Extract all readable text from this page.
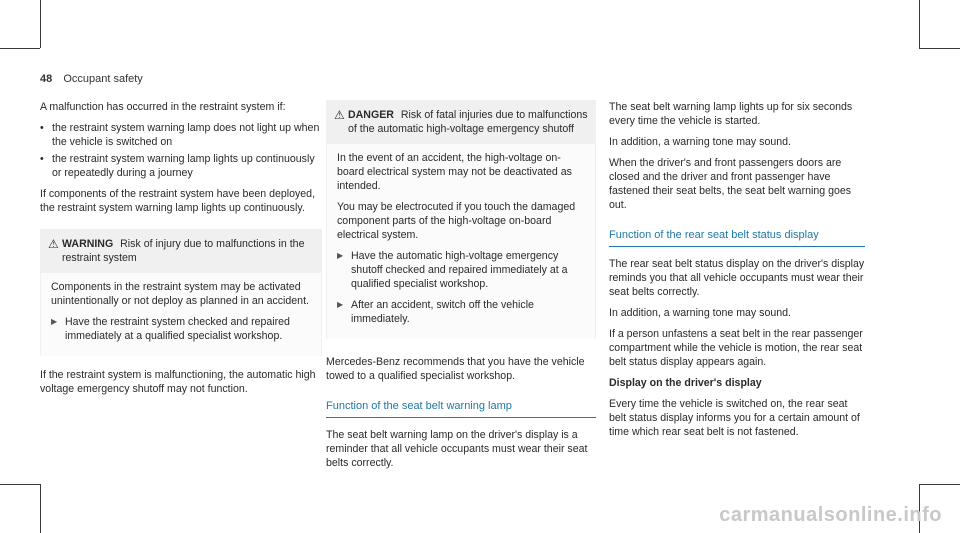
48 Occupant safety

A malfunction has occurred in the restraint system if:

• the restraint system warning lamp does not light up when the vehicle is switched on
• the restraint system warning lamp lights up continuously or repeatedly during a journey

If components of the restraint system have been deployed, the restraint system warning lamp lights up continuously.

⚠ WARNING Risk of injury due to malfunctions in the restraint system

Components in the restraint system may be activated unintentionally or not deploy as planned in an accident.

▶ Have the restraint system checked and repaired immediately at a qualified specialist workshop.

If the restraint system is malfunctioning, the automatic high voltage emergency shutoff may not function.

⚠ DANGER Risk of fatal injuries due to malfunctions of the automatic high-voltage emergency shutoff

In the event of an accident, the high-voltage on-board electrical system may not be deactivated as intended.

You may be electrocuted if you touch the damaged component parts of the high-voltage on-board electrical system.

▶ Have the automatic high-voltage emergency shutoff checked and repaired immediately at a qualified specialist workshop.
▶ After an accident, switch off the vehicle immediately.

Mercedes-Benz recommends that you have the vehicle towed to a qualified specialist workshop.

Function of the seat belt warning lamp

The seat belt warning lamp on the driver's display is a reminder that all vehicle occupants must wear their seat belts correctly.

The seat belt warning lamp lights up for six seconds every time the vehicle is started.

In addition, a warning tone may sound.

When the driver's and front passengers doors are closed and the driver and front passenger have fastened their seat belts, the seat belt warning goes out.

Function of the rear seat belt status display

The rear seat belt status display on the driver's display reminds you that all vehicle occupants must wear their seat belts correctly.

In addition, a warning tone may sound.

If a person unfastens a seat belt in the rear passenger compartment while the vehicle is motion, the rear seat belt status display appears again.

Display on the driver's display

Every time the vehicle is switched on, the rear seat belt status display informs you for a certain amount of time which rear seat belt is not fastened.

carmanualsonline.info
